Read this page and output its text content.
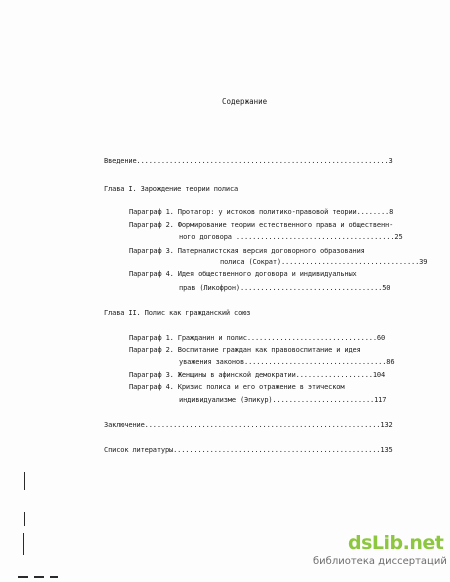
Содержание
Введение..............................................................3
Глава I. Зарождение теории полиса
Параграф 1. Протагор: у истоков политико-правовой теории........8
Параграф 2. Формирование теории естественного права и общественн-
ного договора .......................................25
Параграф 3. Патерналистская версия договорного образования
полиса (Сократ)..................................39
Параграф 4. Идея общественного договора и индивидуальных
прав (Ликофрон)...................................50
Глава II. Полис как гражданский союз
Параграф 1. Гражданин и полис................................60
Параграф 2. Воспитание граждан как правовоспитание и идея
уважения законов...................................86
Параграф 3. Женщины в афинской демократии...................104
Параграф 4. Кризис полиса и его отражение в этическом
индивидуализме (Эпикур).........................117
Заключение..........................................................132
Список литературы...................................................135
dsLib.net
библиотека диссертаций
